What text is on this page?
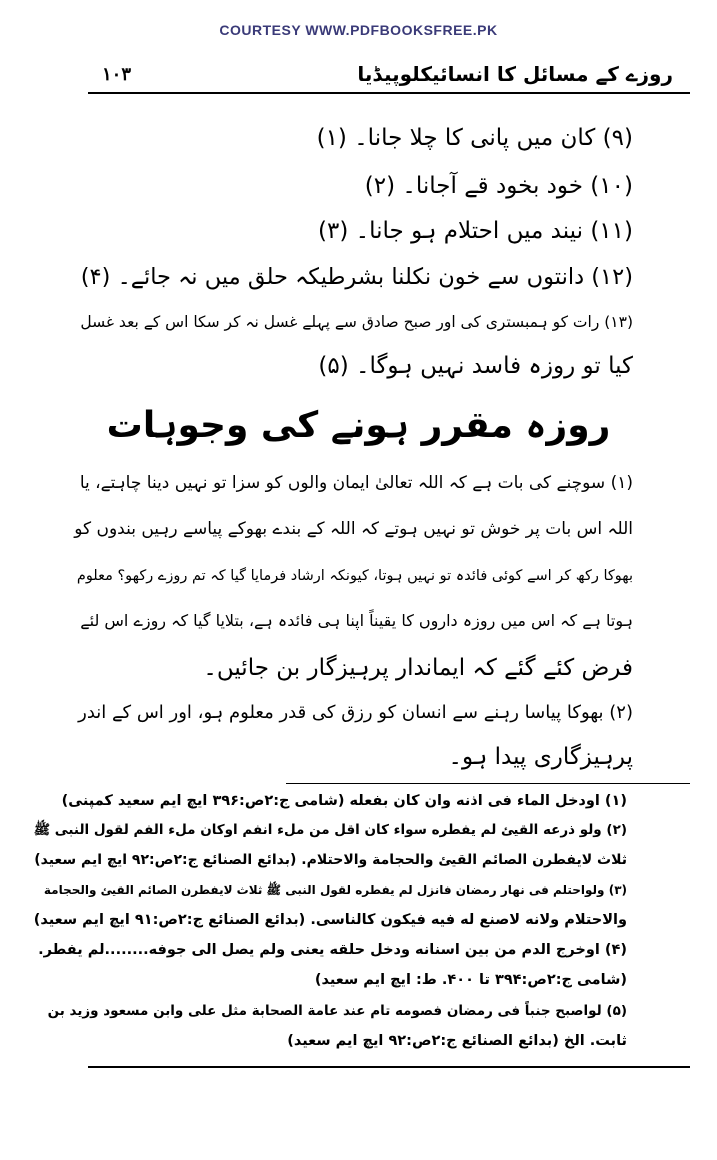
COURTESY WWW.PDFBOOKSFREE.PK
روزے کے مسائل کا انسائیکلوپیڈیا
۱۰۳
(۹) کان میں پانی کا چلا جانا۔ (۱)
(۱۰) خود بخود قے آجانا۔ (۲)
(۱۱) نیند میں احتلام ہو جانا۔ (۳)
(۱۲) دانتوں سے خون نکلنا بشرطیکہ حلق میں نہ جائے۔ (۴)
(۱۳) رات کو ہمبستری کی اور صبح صادق سے پہلے غسل نہ کر سکا اس کے بعد غسل
کیا تو روزہ فاسد نہیں ہوگا۔ (۵)
روزہ مقرر ہونے کی وجوہات
(۱) سوچنے کی بات ہے کہ اللہ تعالیٰ ایمان والوں کو سزا تو نہیں دینا چاہتے، یا
اللہ اس بات پر خوش تو نہیں ہوتے کہ اللہ کے بندے بھوکے پیاسے رہیں بندوں کو
بھوکا رکھ کر اسے کوئی فائدہ تو نہیں ہوتا، کیونکہ ارشاد فرمایا گیا کہ تم روزے رکھو؟ معلوم
ہوتا ہے کہ اس میں روزہ داروں کا یقیناً اپنا ہی فائدہ ہے، بتلایا گیا کہ روزے اس لئے
فرض کئے گئے کہ ایماندار پرہیزگار بن جائیں۔
(۲) بھوکا پیاسا رہنے سے انسان کو رزق کی قدر معلوم ہو، اور اس کے اندر
پرہیزگاری پیدا ہو۔
(۱) اودخل الماء فی اذنه وان کان بفعله (شامی ج:۲ص:۳۹۶ ایچ ایم سعید کمپنی)
(۲) ولو ذرعه القیئ لم یفطره سواء کان اقل من ملء انفم اوکان ملء الفم لقول النبی ﷺ
ثلاث لایفطرن الصائم القیئ والحجامة والاحتلام. (بدائع الصنائع ج:۲ص:۹۲ ایچ ایم سعید)
(۳) ولواحتلم فی نهار رمضان فانزل لم یفطره لقول النبی ﷺ ثلاث لایفطرن الصائم القیئ والحجامة
والاحتلام ولانه لاصنع له فیه فیکون کالناسی. (بدائع الصنائع ج:۲ص:۹۱ ایچ ایم سعید)
(۴) اوخرج الدم من بین اسنانه ودخل حلقه یعنی ولم یصل الی جوفه........لم یفطر.
(شامی ج:۲ص:۳۹۴ تا ۴۰۰. ط: ایچ ایم سعید)
(۵) لواصبح جنباً فی رمضان فصومه تام عند عامة الصحابة مثل علی وابن مسعود وزید بن
ثابت. الخ (بدائع الصنائع ج:۲ص:۹۲ ایچ ایم سعید)
